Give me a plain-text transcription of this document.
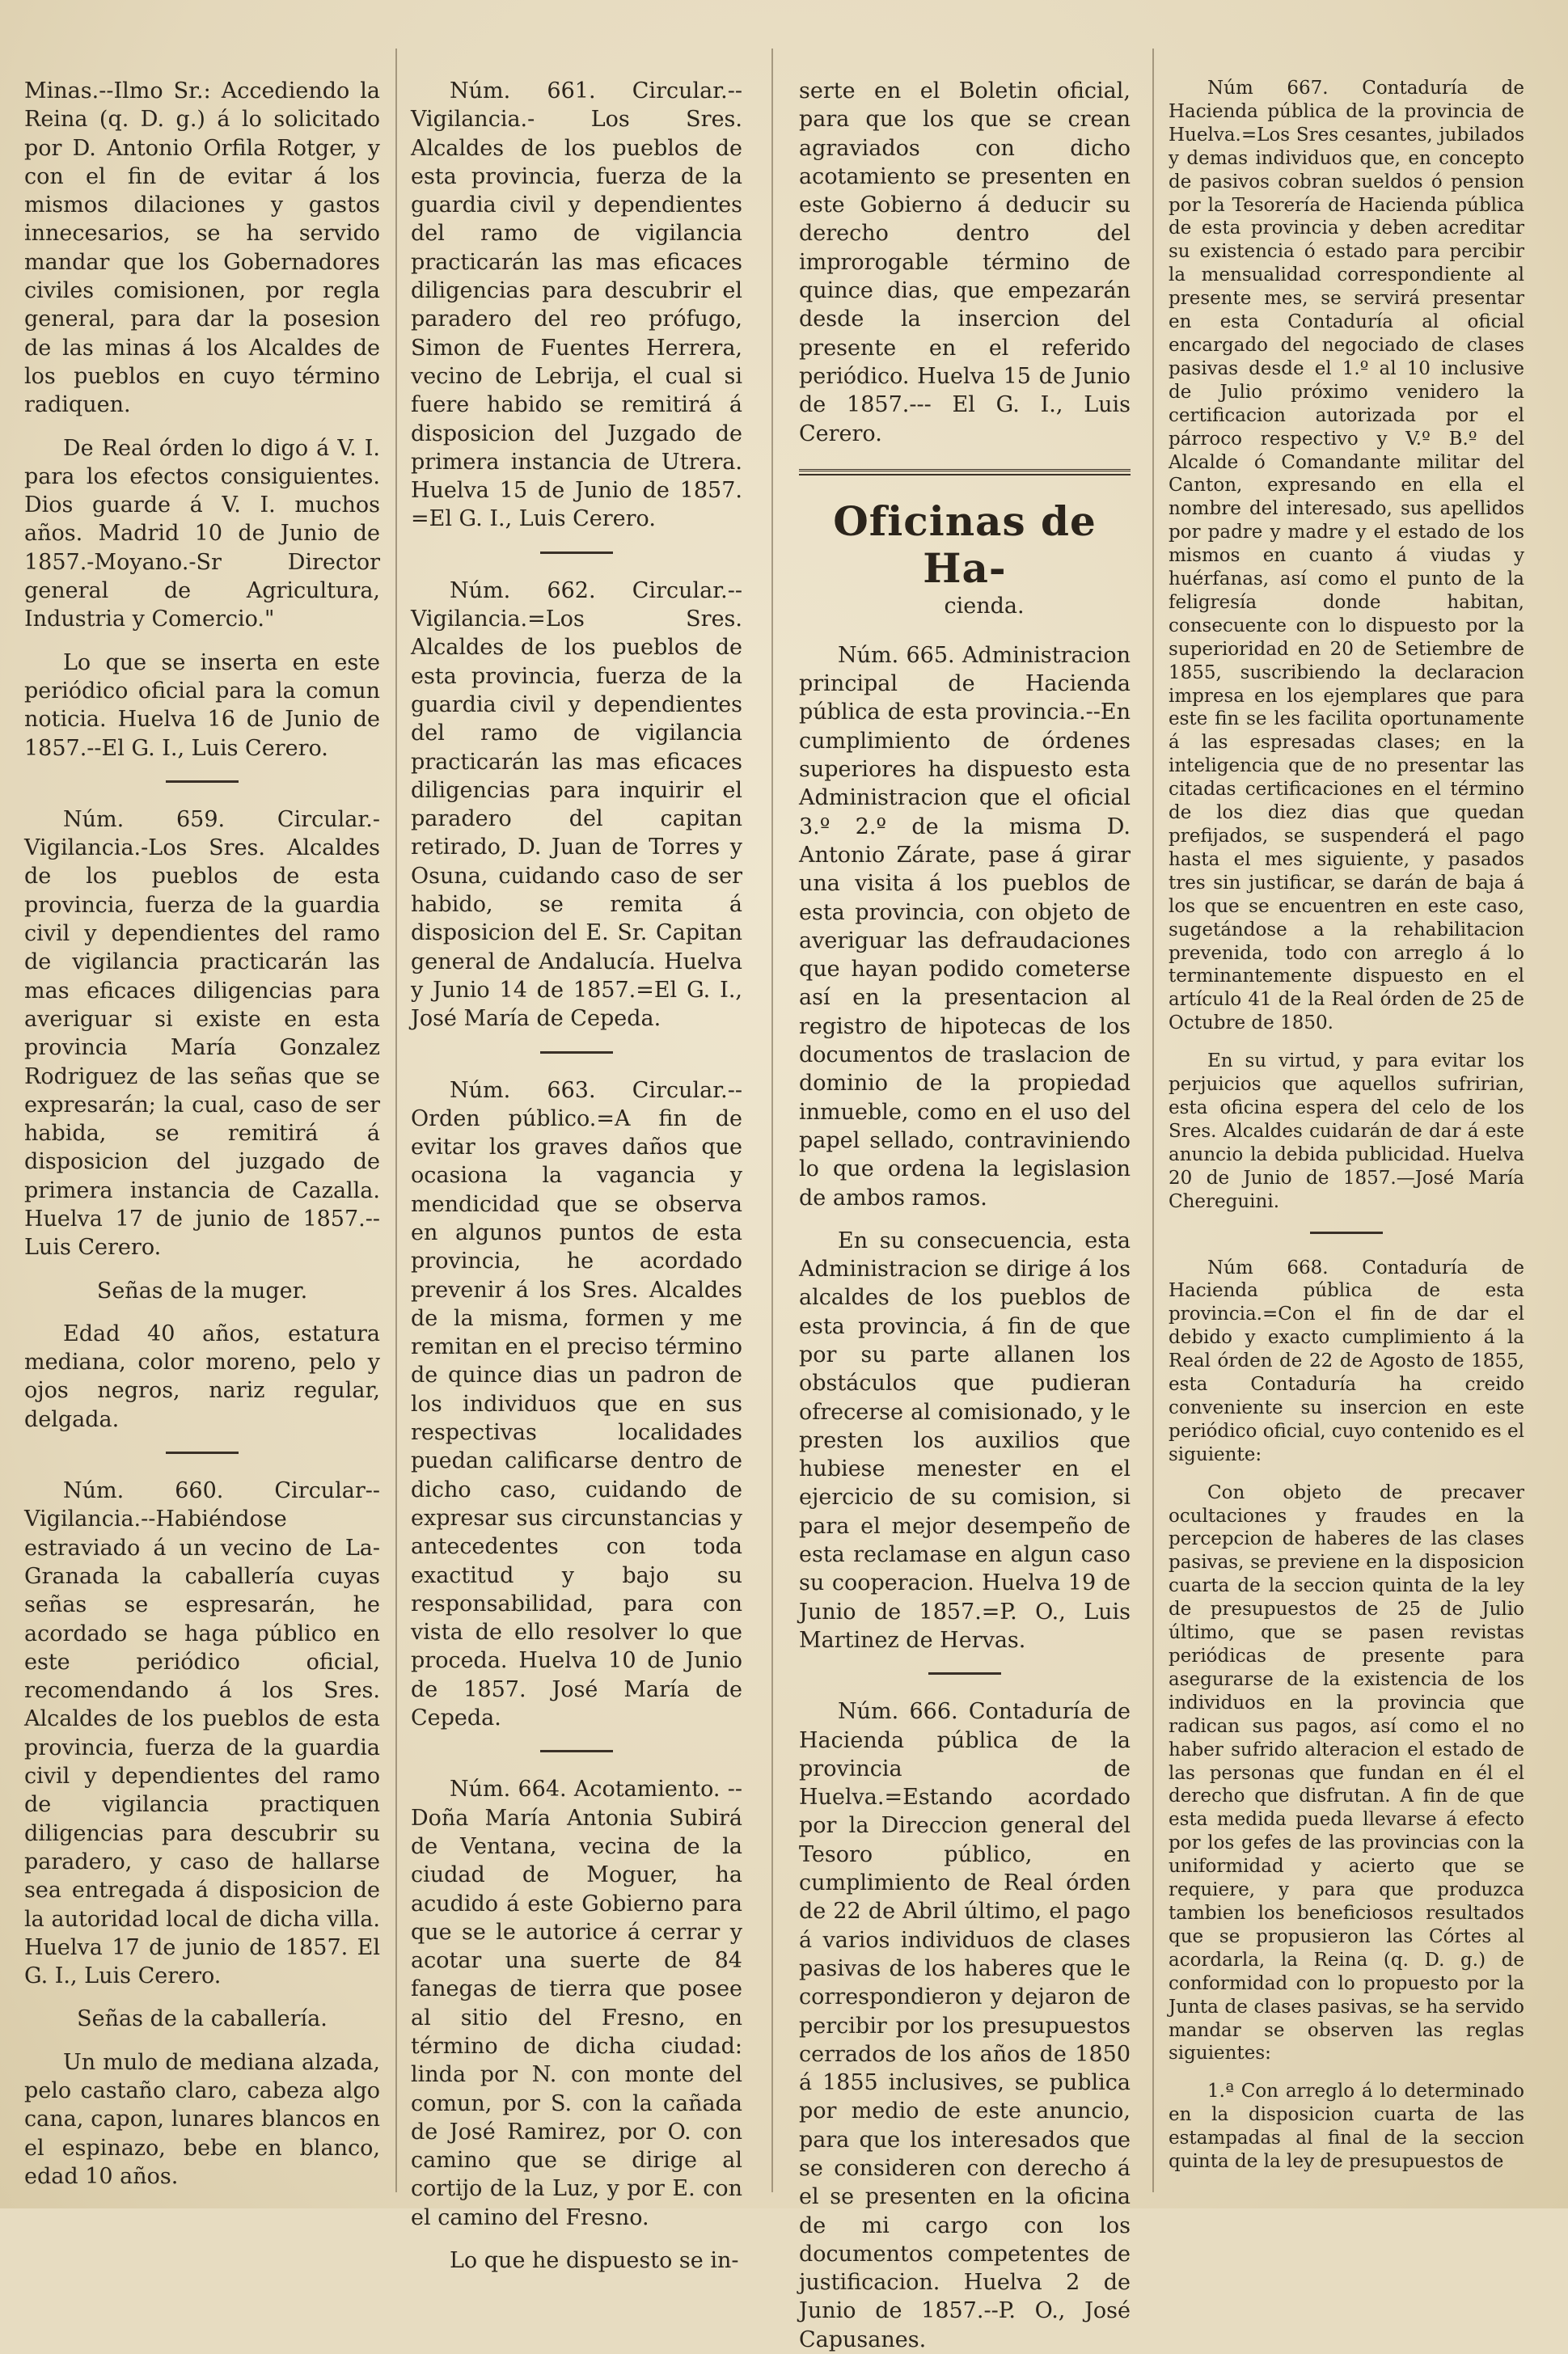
Minas.--Ilmo Sr.: Accediendo la Reina (q. D. g.) á lo solicitado por D. Antonio Orfila Rotger, y con el fin de evitar á los mismos dilaciones y gastos innecesarios, se ha servido mandar que los Gobernadores civiles comisionen, por regla general, para dar la posesion de las minas á los Alcaldes de los pueblos en cuyo término radiquen.

De Real órden lo digo á V. I. para los efectos consiguientes. Dios guarde á V. I. muchos años. Madrid 10 de Junio de 1857.-Moyano.-Sr Director general de Agricultura, Industria y Comercio."

Lo que se inserta en este periódico oficial para la comun noticia. Huelva 16 de Junio de 1857.--El G. I., Luis Cerero.

Núm. 659. Circular.-Vigilancia.-Los Sres. Alcaldes de los pueblos de esta provincia, fuerza de la guardia civil y dependientes del ramo de vigilancia practicarán las mas eficaces diligencias para averiguar si existe en esta provincia María Gonzalez Rodriguez de las señas que se expresarán; la cual, caso de ser habida, se remitirá á disposicion del juzgado de primera instancia de Cazalla. Huelva 17 de junio de 1857.--Luis Cerero.

Señas de la muger.

Edad 40 años, estatura mediana, color moreno, pelo y ojos negros, nariz regular, delgada.

Núm. 660. Circular--Vigilancia.--Habiéndose estraviado á un vecino de La-Granada la caballería cuyas señas se espresarán, he acordado se haga público en este periódico oficial, recomendando á los Sres. Alcaldes de los pueblos de esta provincia, fuerza de la guardia civil y dependientes del ramo de vigilancia practiquen diligencias para descubrir su paradero, y caso de hallarse sea entregada á disposicion de la autoridad local de dicha villa. Huelva 17 de junio de 1857. El G. I., Luis Cerero.

Señas de la caballería.

Un mulo de mediana alzada, pelo castaño claro, cabeza algo cana, capon, lunares blancos en el espinazo, bebe en blanco, edad 10 años.

Núm. 661. Circular.--Vigilancia.- Los Sres. Alcaldes de los pueblos de esta provincia, fuerza de la guardia civil y dependientes del ramo de vigilancia practicarán las mas eficaces diligencias para descubrir el paradero del reo prófugo, Simon de Fuentes Herrera, vecino de Lebrija, el cual si fuere habido se remitirá á disposicion del Juzgado de primera instancia de Utrera. Huelva 15 de Junio de 1857. =El G. I., Luis Cerero.

Núm. 662. Circular.--Vigilancia.=Los Sres. Alcaldes de los pueblos de esta provincia, fuerza de la guardia civil y dependientes del ramo de vigilancia practicarán las mas eficaces diligencias para inquirir el paradero del capitan retirado, D. Juan de Torres y Osuna, cuidando caso de ser habido, se remita á disposicion del E. Sr. Capitan general de Andalucía. Huelva y Junio 14 de 1857.=El G. I., José María de Cepeda.

Núm. 663. Circular.--Orden público.=A fin de evitar los graves daños que ocasiona la vagancia y mendicidad que se observa en algunos puntos de esta provincia, he acordado prevenir á los Sres. Alcaldes de la misma, formen y me remitan en el preciso término de quince dias un padron de los individuos que en sus respectivas localidades puedan calificarse dentro de dicho caso, cuidando de expresar sus circunstancias y antecedentes con toda exactitud y bajo su responsabilidad, para con vista de ello resolver lo que proceda. Huelva 10 de Junio de 1857. José María de Cepeda.

Núm. 664. Acotamiento. --Doña María Antonia Subirá de Ventana, vecina de la ciudad de Moguer, ha acudido á este Gobierno para que se le autorice á cerrar y acotar una suerte de 84 fanegas de tierra que posee al sitio del Fresno, en término de dicha ciudad: linda por N. con monte del comun, por S. con la cañada de José Ramirez, por O. con camino que se dirige al cortijo de la Luz, y por E. con el camino del Fresno.

Lo que he dispuesto se in-

serte en el Boletin oficial, para que los que se crean agraviados con dicho acotamiento se presenten en este Gobierno á deducir su derecho dentro del improrogable término de quince dias, que empezarán desde la insercion del presente en el referido periódico. Huelva 15 de Junio de 1857.--- El G. I., Luis Cerero.

Oficinas de Ha-

cienda.

Núm. 665. Administracion principal de Hacienda pública de esta provincia.--En cumplimiento de órdenes superiores ha dispuesto esta Administracion que el oficial 3.º 2.º de la misma D. Antonio Zárate, pase á girar una visita á los pueblos de esta provincia, con objeto de averiguar las defraudaciones que hayan podido cometerse así en la presentacion al registro de hipotecas de los documentos de traslacion de dominio de la propiedad inmueble, como en el uso del papel sellado, contraviniendo lo que ordena la legislasion de ambos ramos.

En su consecuencia, esta Administracion se dirige á los alcaldes de los pueblos de esta provincia, á fin de que por su parte allanen los obstáculos que pudieran ofrecerse al comisionado, y le presten los auxilios que hubiese menester en el ejercicio de su comision, si para el mejor desempeño de esta reclamase en algun caso su cooperacion. Huelva 19 de Junio de 1857.=P. O., Luis Martinez de Hervas.

Núm. 666. Contaduría de Hacienda pública de la provincia de Huelva.=Estando acordado por la Direccion general del Tesoro público, en cumplimiento de Real órden de 22 de Abril último, el pago á varios individuos de clases pasivas de los haberes que le correspondieron y dejaron de percibir por los presupuestos cerrados de los años de 1850 á 1855 inclusives, se publica por medio de este anuncio, para que los interesados que se consideren con derecho á el se presenten en la oficina de mi cargo con los documentos competentes de justificacion. Huelva 2 de Junio de 1857.--P. O., José Capusanes.

Núm 667. Contaduría de Hacienda pública de la provincia de Huelva.=Los Sres cesantes, jubilados y demas individuos que, en concepto de pasivos cobran sueldos ó pension por la Tesorería de Hacienda pública de esta provincia y deben acreditar su existencia ó estado para percibir la mensualidad correspondiente al presente mes, se servirá presentar en esta Contaduría al oficial encargado del negociado de clases pasivas desde el 1.º al 10 inclusive de Julio próximo venidero la certificacion autorizada por el párroco respectivo y V.º B.º del Alcalde ó Comandante militar del Canton, expresando en ella el nombre del interesado, sus apellidos por padre y madre y el estado de los mismos en cuanto á viudas y huérfanas, así como el punto de la feligresía donde habitan, consecuente con lo dispuesto por la superioridad en 20 de Setiembre de 1855, suscribiendo la declaracion impresa en los ejemplares que para este fin se les facilita oportunamente á las espresadas clases; en la inteligencia que de no presentar las citadas certificaciones en el término de los diez dias que quedan prefijados, se suspenderá el pago hasta el mes siguiente, y pasados tres sin justificar, se darán de baja á los que se encuentren en este caso, sugetándose a la rehabilitacion prevenida, todo con arreglo á lo terminantemente dispuesto en el artículo 41 de la Real órden de 25 de Octubre de 1850.

En su virtud, y para evitar los perjuicios que aquellos sufririan, esta oficina espera del celo de los Sres. Alcaldes cuidarán de dar á este anuncio la debida publicidad. Huelva 20 de Junio de 1857.—José María Chereguini.

Núm 668. Contaduría de Hacienda pública de esta provincia.=Con el fin de dar el debido y exacto cumplimiento á la Real órden de 22 de Agosto de 1855, esta Contaduría ha creido conveniente su insercion en este periódico oficial, cuyo contenido es el siguiente:

Con objeto de precaver ocultaciones y fraudes en la percepcion de haberes de las clases pasivas, se previene en la disposicion cuarta de la seccion quinta de la ley de presupuestos de 25 de Julio último, que se pasen revistas periódicas de presente para asegurarse de la existencia de los individuos en la provincia que radican sus pagos, así como el no haber sufrido alteracion el estado de las personas que fundan en él el derecho que disfrutan. A fin de que esta medida pueda llevarse á efecto por los gefes de las provincias con la uniformidad y acierto que se requiere, y para que produzca tambien los beneficiosos resultados que se propusieron las Córtes al acordarla, la Reina (q. D. g.) de conformidad con lo propuesto por la Junta de clases pasivas, se ha servido mandar se observen las reglas siguientes:

1.ª Con arreglo á lo determinado en la disposicion cuarta de las estampadas al final de la seccion quinta de la ley de presupuestos de
